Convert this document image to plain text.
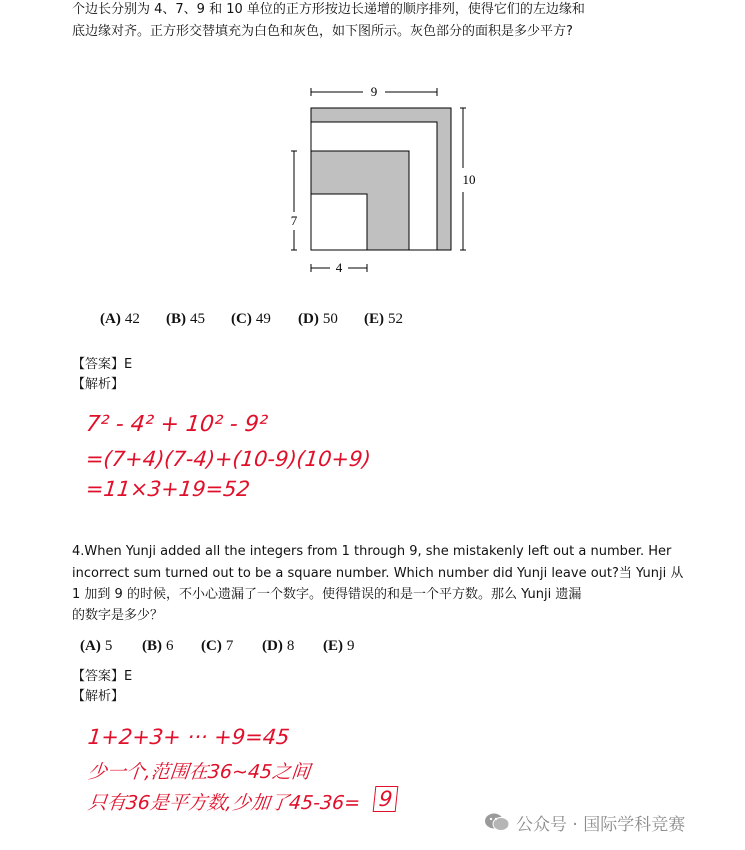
个边长分别为 4、7、9 和 10 单位的正方形按边长递增的顺序排列，使得它们的左边缘和
底边缘对齐。正方形交替填充为白色和灰色，如下图所示。灰色部分的面积是多少平方?
9
10
7
4
(A) 42 (B) 45 (C) 49 (D) 50 (E) 52
【答案】E
【解析】
7² - 4² + 10² - 9²
=(7+4)(7-4)+(10-9)(10+9)
=11×3+19=52
4.When Yunji added all the integers from 1 through 9, she mistakenly left out a number. Her
incorrect sum turned out to be a square number. Which number did Yunji leave out?当 Yunji 从
1 加到 9 的时候，不小心遗漏了一个数字。使得错误的和是一个平方数。那么 Yunji 遗漏
的数字是多少？
(A) 5 (B) 6 (C) 7 (D) 8 (E) 9
【答案】E
【解析】
1+2+3+ ··· +9=45
少一个,范围在36~45之间
只有36是平方数,少加了45-36= 9
公众号 · 国际学科竞赛
